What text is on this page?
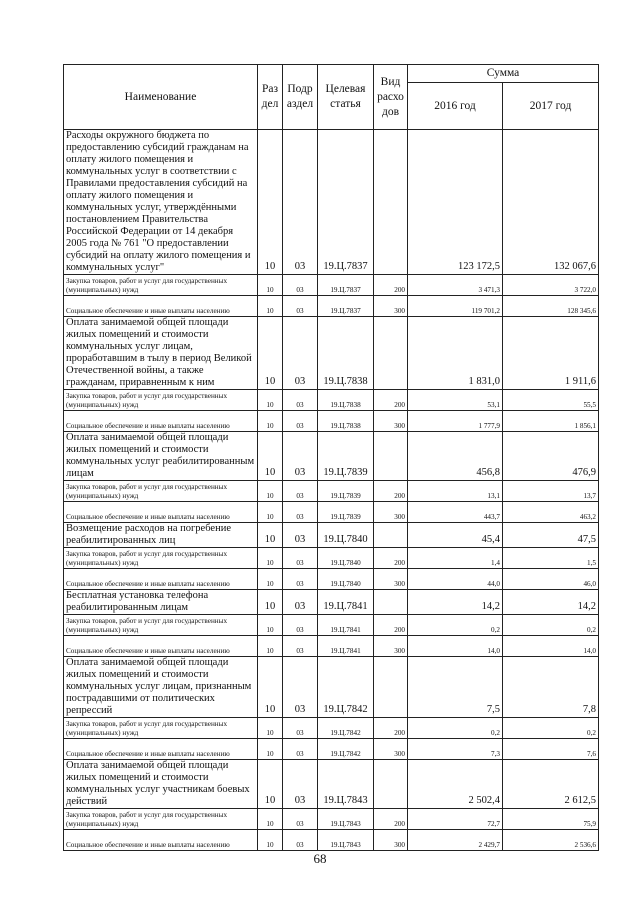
Наименование	Раз дел	Подр аздел	Целевая статья	Вид расхо дов	Сумма	
					2016 год	2017 год
Расходы окружного бюджета по предоставлению субсидий гражданам на оплату жилого помещения и коммунальных услуг в соответствии с Правилами предоставления субсидий на оплату жилого помещения и коммунальных услуг, утверждёнными постановлением Правительства Российской Федерации от 14 декабря 2005 года № 761 "О предоставлении субсидий на оплату жилого помещения и коммунальных услуг"	10	03	19.Ц.7837		123 172,5	132 067,6
Закупка товаров, работ и услуг для государственных (муниципальных) нужд	10	03	19.Ц.7837	200	3 471,3	3 722,0
Социальное обеспечение и иные выплаты населению	10	03	19.Ц.7837	300	119 701,2	128 345,6
Оплата занимаемой общей площади жилых помещений и стоимости коммунальных услуг лицам, проработавшим в тылу в период Великой Отечественной войны, а также гражданам, приравненным к ним	10	03	19.Ц.7838		1 831,0	1 911,6
Закупка товаров, работ и услуг для государственных (муниципальных) нужд	10	03	19.Ц.7838	200	53,1	55,5
Социальное обеспечение и иные выплаты населению	10	03	19.Ц.7838	300	1 777,9	1 856,1
Оплата занимаемой общей площади жилых помещений и стоимости коммунальных услуг реабилитированным лицам	10	03	19.Ц.7839		456,8	476,9
Закупка товаров, работ и услуг для государственных (муниципальных) нужд	10	03	19.Ц.7839	200	13,1	13,7
Социальное обеспечение и иные выплаты населению	10	03	19.Ц.7839	300	443,7	463,2
Возмещение расходов на погребение реабилитированных лиц	10	03	19.Ц.7840		45,4	47,5
Закупка товаров, работ и услуг для государственных (муниципальных) нужд	10	03	19.Ц.7840	200	1,4	1,5
Социальное обеспечение и иные выплаты населению	10	03	19.Ц.7840	300	44,0	46,0
Бесплатная установка телефона реабилитированным лицам	10	03	19.Ц.7841		14,2	14,2
Закупка товаров, работ и услуг для государственных (муниципальных) нужд	10	03	19.Ц.7841	200	0,2	0,2
Социальное обеспечение и иные выплаты населению	10	03	19.Ц.7841	300	14,0	14,0
Оплата занимаемой общей площади жилых помещений и стоимости коммунальных услуг лицам, признанным пострадавшими от политических репрессий	10	03	19.Ц.7842		7,5	7,8
Закупка товаров, работ и услуг для государственных (муниципальных) нужд	10	03	19.Ц.7842	200	0,2	0,2
Социальное обеспечение и иные выплаты населению	10	03	19.Ц.7842	300	7,3	7,6
Оплата занимаемой общей площади жилых помещений и стоимости коммунальных услуг участникам боевых действий	10	03	19.Ц.7843		2 502,4	2 612,5
Закупка товаров, работ и услуг для государственных (муниципальных) нужд	10	03	19.Ц.7843	200	72,7	75,9
Социальное обеспечение и иные выплаты населению	10	03	19.Ц.7843	300	2 429,7	2 536,6
68
